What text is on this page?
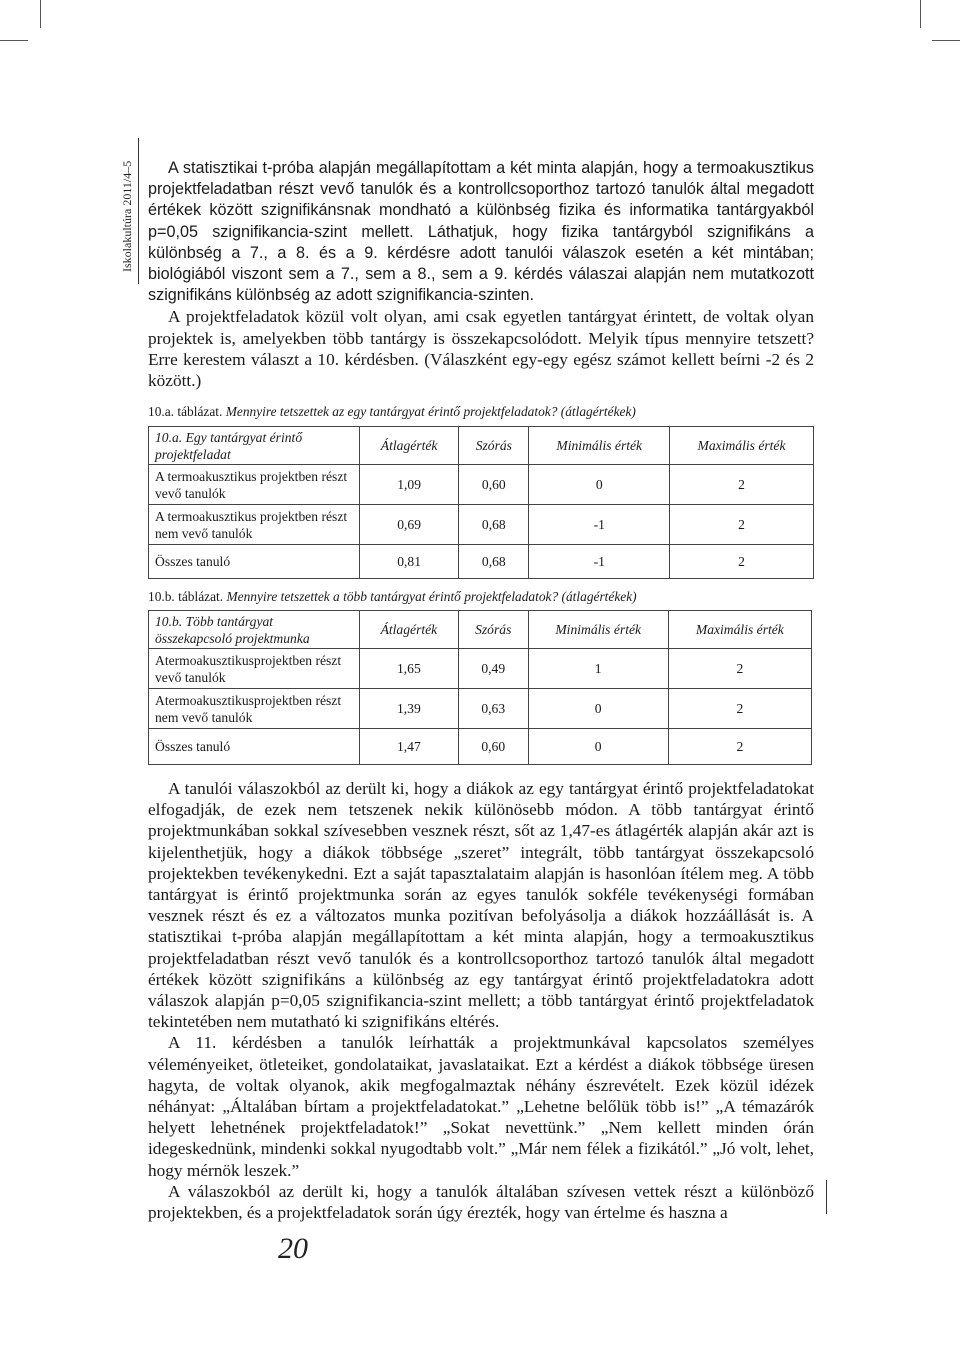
Iskolakultúra 2011/4–5	A statisztikai t-próba alapján megállapítottam a két minta alapján, hogy a termoakusztikus projektfeladatban részt vevő tanulók és a kontrollcsoporthoz tartozó tanulók által megadott értékek között szignifikánsnak mondható a különbség fizika és informatika tantárgyakból p=0,05 szignifikancia-szint mellett. Láthatjuk, hogy fizika tantárgyból szignifikáns a különbség a 7., a 8. és a 9. kérdésre adott tanulói válaszok esetén a két mintában; biológiából viszont sem a 7., sem a 8., sem a 9. kérdés válaszai alapján nem mutatkozott szignifikáns különbség az adott szignifikancia-szinten.

A projektfeladatok közül volt olyan, ami csak egyetlen tantárgyat érintett, de voltak olyan projektek is, amelyekben több tantárgy is összekapcsolódott. Melyik típus mennyire tetszett? Erre kerestem választ a 10. kérdésben. (Válaszként egy-egy egész számot kellett beírni -2 és 2 között.)

10.a. táblázat. Mennyire tetszettek az egy tantárgyat érintő projektfeladatok? (átlagértékek)
10.a. Egy tantárgyat érintő projektfeladat	Átlagérték	Szórás	Minimális érték	Maximális érték
A termoakusztikus projektben részt vevő tanulók	1,09	0,60	0	2
A termoakusztikus projektben részt nem vevő tanulók	0,69	0,68	-1	2
Összes tanuló	0,81	0,68	-1	2
10.b. táblázat. Mennyire tetszettek a több tantárgyat érintő projektfeladatok? (átlagértékek)
10.b. Több tantárgyat összekapcsoló projektmunka	Átlagérték	Szórás	Minimális érték	Maximális érték
Atermoakusztikusprojektben részt vevő tanulók	1,65	0,49	1	2
Atermoakusztikusprojektben részt nem vevő tanulók	1,39	0,63	0	2
Összes tanuló	1,47	0,60	0	2

A tanulói válaszokból az derült ki, hogy a diákok az egy tantárgyat érintő projektfeladatokat elfogadják, de ezek nem tetszenek nekik különösebb módon. A több tantárgyat érintő projektmunkában sokkal szívesebben vesznek részt, sőt az 1,47-es átlagérték alapján akár azt is kijelenthetjük, hogy a diákok többsége „szeret” integrált, több tantárgyat összekapcsoló projektekben tevékenykedni. Ezt a saját tapasztalataim alapján is hasonlóan ítélem meg. A több tantárgyat is érintő projektmunka során az egyes tanulók sokféle tevékenységi formában vesznek részt és ez a változatos munka pozitívan befolyásolja a diákok hozzáállását is. A statisztikai t-próba alapján megállapítottam a két minta alapján, hogy a termoakusztikus projektfeladatban részt vevő tanulók és a kontrollcsoporthoz tartozó tanulók által megadott értékek között szignifikáns a különbség az egy tantárgyat érintő projektfeladatokra adott válaszok alapján p=0,05 szignifikancia-szint mellett; a több tantárgyat érintő projektfeladatok tekintetében nem mutatható ki szignifikáns eltérés.

A 11. kérdésben a tanulók leírhatták a projektmunkával kapcsolatos személyes véleményeiket, ötleteiket, gondolataikat, javaslataikat. Ezt a kérdést a diákok többsége üresen hagyta, de voltak olyanok, akik megfogalmaztak néhány észrevételt. Ezek közül idézek néhányat: „Általában bírtam a projektfeladatokat.” „Lehetne belőlük több is!” „A témazárók helyett lehetnének projektfeladatok!” „Sokat nevettünk.” „Nem kellett minden órán idegeskednünk, mindenki sokkal nyugodtabb volt.” „Már nem félek a fizikától.” „Jó volt, lehet, hogy mérnök leszek.”

A válaszokból az derült ki, hogy a tanulók általában szívesen vettek részt a különböző projektekben, és a projektfeladatok során úgy érezték, hogy van értelme és haszna a

20
